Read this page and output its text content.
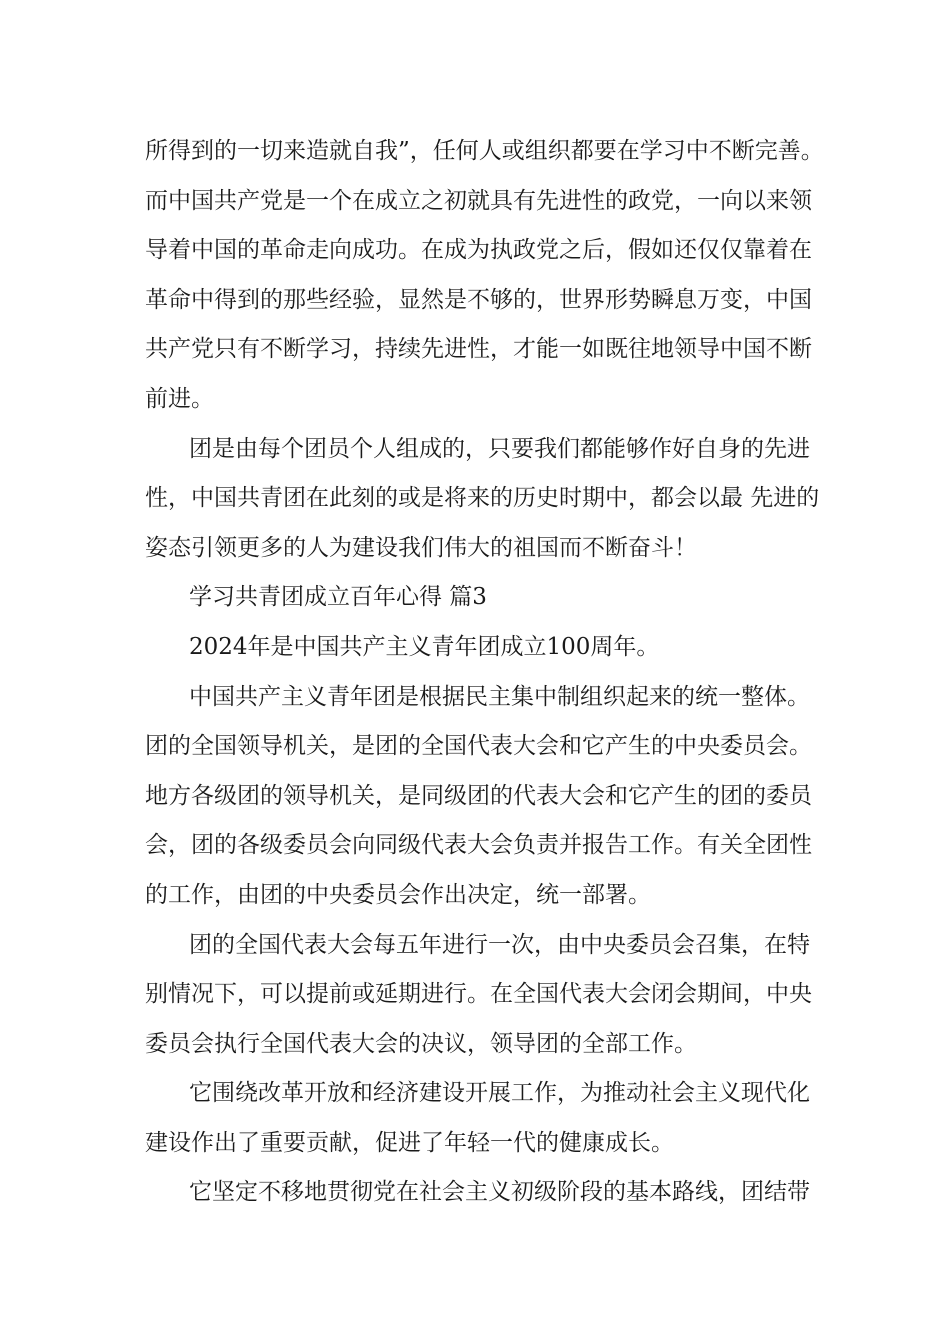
所得到的一切来造就自我”，任何人或组织都要在学习中不断完善。
而中国共产党是一个在成立之初就具有先进性的政党，一向以来领
导着中国的革命走向成功。在成为执政党之后，假如还仅仅靠着在
革命中得到的那些经验，显然是不够的，世界形势瞬息万变，中国
共产党只有不断学习，持续先进性，才能一如既往地领导中国不断
前进。
团是由每个团员个人组成的，只要我们都能够作好自身的先进
性，中国共青团在此刻的或是将来的历史时期中，都会以最 先进的
姿态引领更多的人为建设我们伟大的祖国而不断奋斗！
学习共青团成立百年心得 篇3
2024年是中国共产主义青年团成立100周年。
中国共产主义青年团是根据民主集中制组织起来的统一整体。
团的全国领导机关，是团的全国代表大会和它产生的中央委员会。
地方各级团的领导机关，是同级团的代表大会和它产生的团的委员
会，团的各级委员会向同级代表大会负责并报告工作。有关全团性
的工作，由团的中央委员会作出决定，统一部署。
团的全国代表大会每五年进行一次，由中央委员会召集，在特
别情况下，可以提前或延期进行。在全国代表大会闭会期间，中央
委员会执行全国代表大会的决议，领导团的全部工作。
它围绕改革开放和经济建设开展工作，为推动社会主义现代化
建设作出了重要贡献，促进了年轻一代的健康成长。
它坚定不移地贯彻党在社会主义初级阶段的基本路线，团结带
